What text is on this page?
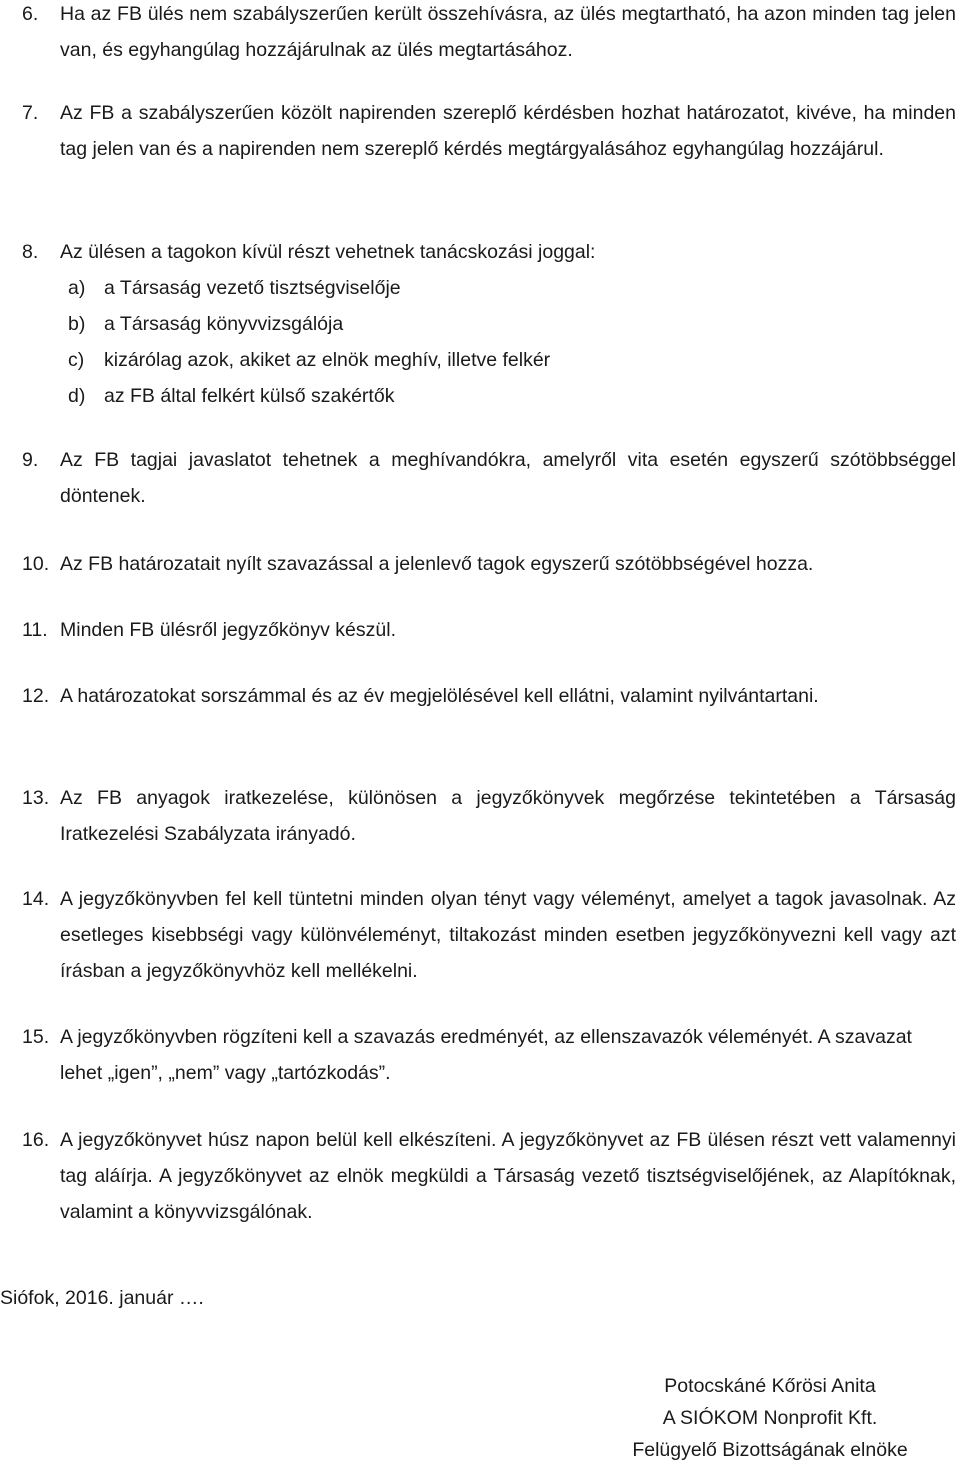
6.	Ha az FB ülés nem szabályszerűen került összehívásra, az ülés megtartható, ha azon minden tag jelen van, és egyhangúlag hozzájárulnak az ülés megtartásához.
7.	Az FB a szabályszerűen közölt napirenden szereplő kérdésben hozhat határozatot, kivéve, ha minden tag jelen van és a napirenden nem szereplő kérdés megtárgyalásához egyhangúlag hozzájárul.
8.	Az ülésen a tagokon kívül részt vehetnek tanácskozási joggal:
a) a Társaság vezető tisztségviselője
b) a Társaság könyvvizsgálója
c)	kizárólag azok, akiket az elnök meghív, illetve felkér
d) az FB által felkért külső szakértők
9.	Az FB tagjai javaslatot tehetnek a meghívandókra, amelyről vita esetén egyszerű szótöbbséggel döntenek.
10. Az FB határozatait nyílt szavazással a jelenlevő tagok egyszerű szótöbbségével hozza.
11. Minden FB ülésről jegyzőkönyv készül.
12. A határozatokat sorszámmal és az év megjelölésével kell ellátni, valamint nyilvántartani.
13. Az FB anyagok iratkezelése, különösen a jegyzőkönyvek megőrzése tekintetében a Társaság Iratkezelési Szabályzata irányadó.
14. A jegyzőkönyvben fel kell tüntetni minden olyan tényt vagy véleményt, amelyet a tagok javasolnak. Az esetleges kisebbségi vagy különvéleményt, tiltakozást minden esetben jegyzőkönyvezni kell vagy azt írásban a jegyzőkönyvhöz kell mellékelni.
15. A jegyzőkönyvben rögzíteni kell a szavazás eredményét, az ellenszavazók véleményét. A szavazat lehet „igen”, „nem” vagy „tartózkodás”.
16. A jegyzőkönyvet húsz napon belül kell elkészíteni. A jegyzőkönyvet az FB ülésen részt vett valamennyi tag aláírja. A jegyzőkönyvet az elnök megküldi a Társaság vezető tisztségviselőjének, az Alapítóknak, valamint a könyvvizsgálónak.
Siófok, 2016. január ….
Potocskáné Kőrösi Anita
A SIÓKOM Nonprofit Kft.
Felügyelő Bizottságának elnöke
